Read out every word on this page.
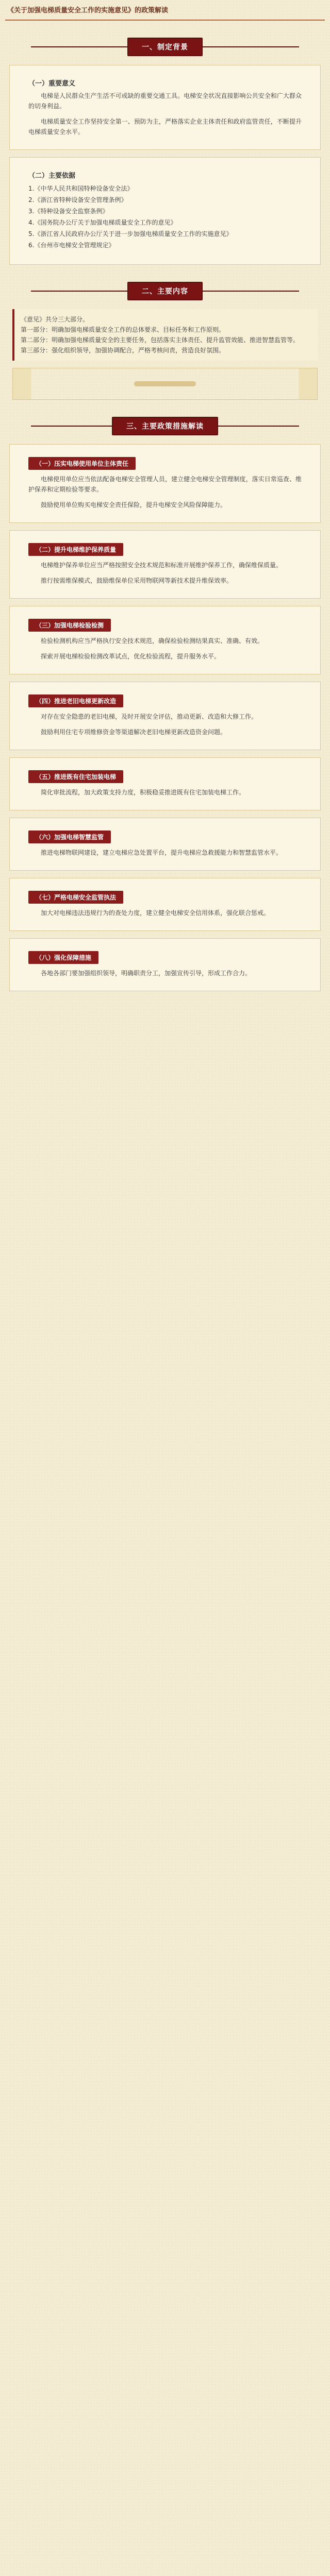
《关于加强电梯质量安全工作的实施意见》的政策解读
一、制定背景
（一）重要意义
电梯是人民群众生产生活不可或缺的重要交通工具。电梯安全状况直接影响公共安全和广大群众的切身利益。
电梯质量安全工作坚持安全第一、预防为主，严格落实企业主体责任和政府监管责任，不断提升电梯质量安全水平。
（二）主要依据
1.《中华人民共和国特种设备安全法》
2.《浙江省特种设备安全管理条例》
3.《特种设备安全监察条例》
4.《国务院办公厅关于加强电梯质量安全工作的意见》
5.《浙江省人民政府办公厅关于进一步加强电梯质量安全工作的实施意见》
6.《台州市电梯安全管理规定》
二、主要内容
《意见》共分三大部分。
第一部分：明确加强电梯质量安全工作的总体要求、目标任务和工作原则。
第二部分：明确加强电梯质量安全的主要任务，包括落实主体责任、提升监管效能、推进智慧监管等。
第三部分：强化组织领导，加强协调配合，严格考核问责，营造良好氛围。
三、主要政策措施解读
（一）压实电梯使用单位主体责任
电梯使用单位应当依法配备电梯安全管理人员，建立健全电梯安全管理制度，落实日常巡查、维护保养和定期检验等要求。
鼓励使用单位购买电梯安全责任保险，提升电梯安全风险保障能力。
（二）提升电梯维护保养质量
电梯维护保养单位应当严格按照安全技术规范和标准开展维护保养工作，确保维保质量。
推行按需维保模式，鼓励维保单位采用物联网等新技术提升维保效率。
（三）加强电梯检验检测
检验检测机构应当严格执行安全技术规范，确保检验检测结果真实、准确、有效。
探索开展电梯检验检测改革试点，优化检验流程，提升服务水平。
（四）推进老旧电梯更新改造
对存在安全隐患的老旧电梯，及时开展安全评估，推动更新、改造和大修工作。
鼓励利用住宅专项维修资金等渠道解决老旧电梯更新改造资金问题。
（五）推进既有住宅加装电梯
简化审批流程，加大政策支持力度，积极稳妥推进既有住宅加装电梯工作。
（六）加强电梯智慧监管
推进电梯物联网建设，建立电梯应急处置平台，提升电梯应急救援能力和智慧监管水平。
（七）严格电梯安全监管执法
加大对电梯违法违规行为的查处力度，建立健全电梯安全信用体系，强化联合惩戒。
（八）强化保障措施
各地各部门要加强组织领导，明确职责分工，加强宣传引导，形成工作合力。
